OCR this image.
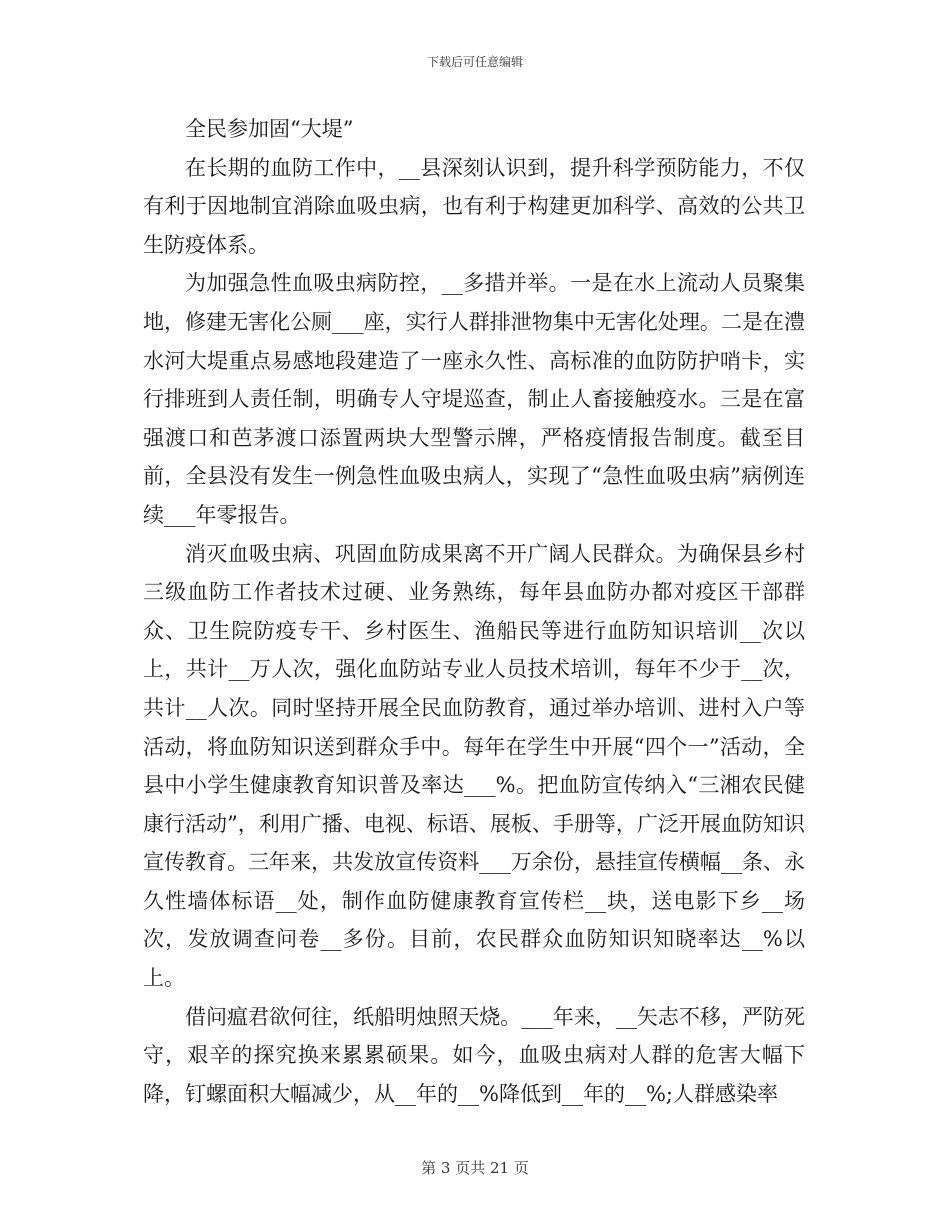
下载后可任意编辑

全民参加固“大堤”

在长期的血防工作中，__县深刻认识到，提升科学预防能力，不仅有利于因地制宜消除血吸虫病，也有利于构建更加科学、高效的公共卫生防疫体系。

为加强急性血吸虫病防控，__多措并举。一是在水上流动人员聚集地，修建无害化公厕___座，实行人群排泄物集中无害化处理。二是在澧水河大堤重点易感地段建造了一座永久性、高标准的血防防护哨卡，实行排班到人责任制，明确专人守堤巡查，制止人畜接触疫水。三是在富强渡口和芭茅渡口添置两块大型警示牌，严格疫情报告制度。截至目前，全县没有发生一例急性血吸虫病人，实现了“急性血吸虫病”病例连续___年零报告。

消灭血吸虫病、巩固血防成果离不开广阔人民群众。为确保县乡村三级血防工作者技术过硬、业务熟练，每年县血防办都对疫区干部群众、卫生院防疫专干、乡村医生、渔船民等进行血防知识培训__次以上，共计__万人次，强化血防站专业人员技术培训，每年不少于__次，共计__人次。同时坚持开展全民血防教育，通过举办培训、进村入户等活动，将血防知识送到群众手中。每年在学生中开展“四个一”活动，全县中小学生健康教育知识普及率达___%。把血防宣传纳入“三湘农民健康行活动”，利用广播、电视、标语、展板、手册等，广泛开展血防知识宣传教育。三年来，共发放宣传资料___万余份，悬挂宣传横幅__条、永久性墙体标语__处，制作血防健康教育宣传栏__块，送电影下乡__场次，发放调查问卷__多份。目前，农民群众血防知识知晓率达__%以上。

借问瘟君欲何往，纸船明烛照天烧。___年来，__矢志不移，严防死守，艰辛的探究换来累累硕果。如今，血吸虫病对人群的危害大幅下降，钉螺面积大幅减少，从__年的__%降低到__年的__%;人群感染率

第 3 页共 21 页
